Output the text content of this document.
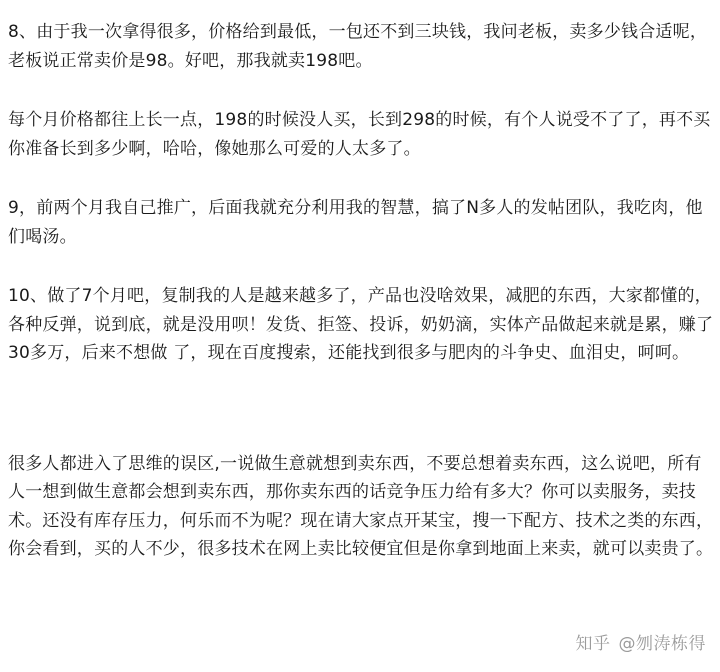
8、由于我一次拿得很多，价格给到最低，一包还不到三块钱，我问老板，卖多少钱合适呢，老板说正常卖价是98。好吧，那我就卖198吧。

每个月价格都往上长一点，198的时候没人买，长到298的时候，有个人说受不了了，再不买你准备长到多少啊，哈哈，像她那么可爱的人太多了。

9，前两个月我自己推广，后面我就充分利用我的智慧，搞了N多人的发帖团队，我吃肉，他们喝汤。

10、做了7个月吧，复制我的人是越来越多了，产品也没啥效果，减肥的东西，大家都懂的，各种反弹，说到底，就是没用呗！发货、拒签、投诉，奶奶滴，实体产品做起来就是累，赚了30多万，后来不想做 了，现在百度搜索，还能找到很多与肥肉的斗争史、血泪史，呵呵。

很多人都进入了思维的误区,一说做生意就想到卖东西，不要总想着卖东西，这么说吧，所有人一想到做生意都会想到卖东西，那你卖东西的话竞争压力给有多大？你可以卖服务，卖技术。还没有库存压力，何乐而不为呢？现在请大家点开某宝，搜一下配方、技术之类的东西，你会看到，买的人不少，很多技术在网上卖比较便宜但是你拿到地面上来卖，就可以卖贵了。

知乎 @刎涛栋得
